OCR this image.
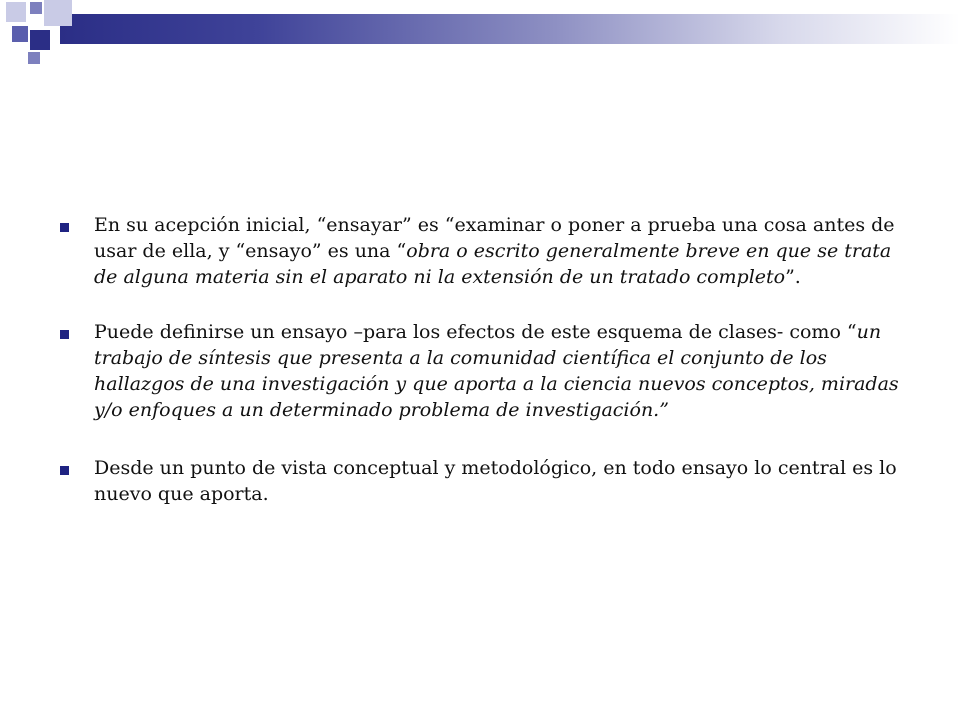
En su acepción inicial, “ensayar” es “examinar o poner a prueba una cosa antes de usar de ella, y “ensayo” es una “obra o escrito generalmente breve en que se trata de alguna materia sin el aparato ni la extensión de un tratado completo”.
Puede definirse un ensayo –para los efectos de este esquema de clases- como “un trabajo de síntesis que presenta a la comunidad científica el conjunto de los hallazgos de una investigación y que aporta a la ciencia nuevos conceptos, miradas y/o enfoques a un determinado problema de investigación.”
Desde un punto de vista conceptual y metodológico, en todo ensayo lo central es lo nuevo que aporta.
